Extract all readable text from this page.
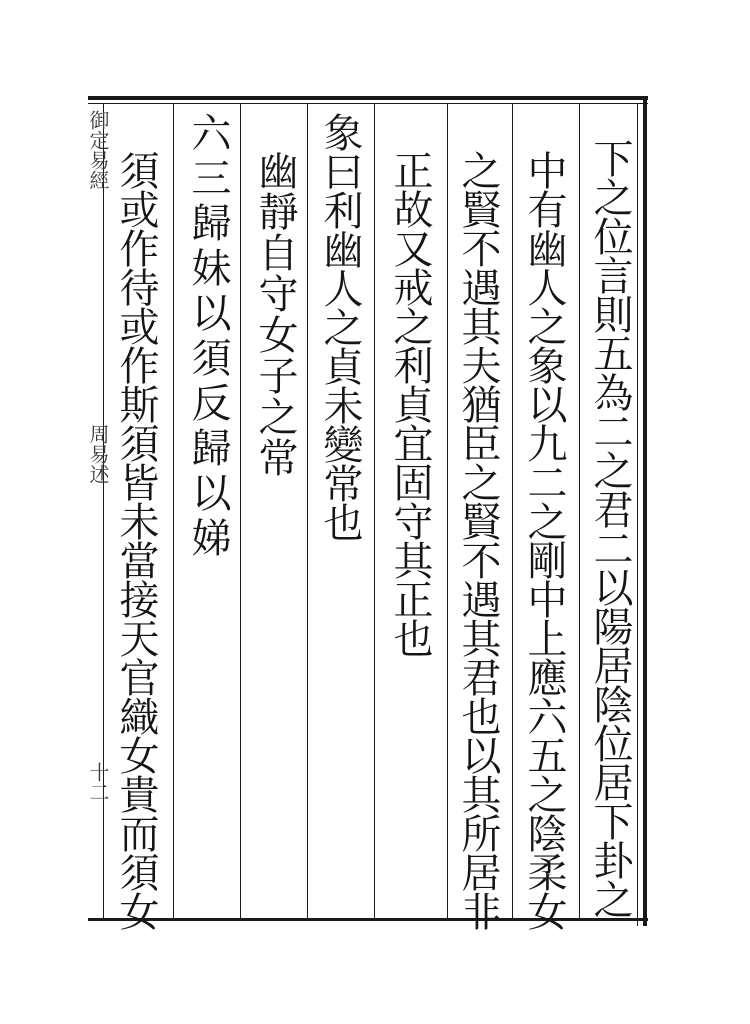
下之位言則五為二之君二以陽居陰位居下卦之
中有幽人之象以九二之剛中上應六五之陰柔女
之賢不遇其夫猶臣之賢不遇其君也以其所居非
正故又戒之利貞宜固守其正也
象曰利幽人之貞未變常也
幽靜自守女子之常
六三歸妹以須反歸以娣
須或作待或作斯須皆未當接天官織女貴而須女
御定易經
周易述
十二
